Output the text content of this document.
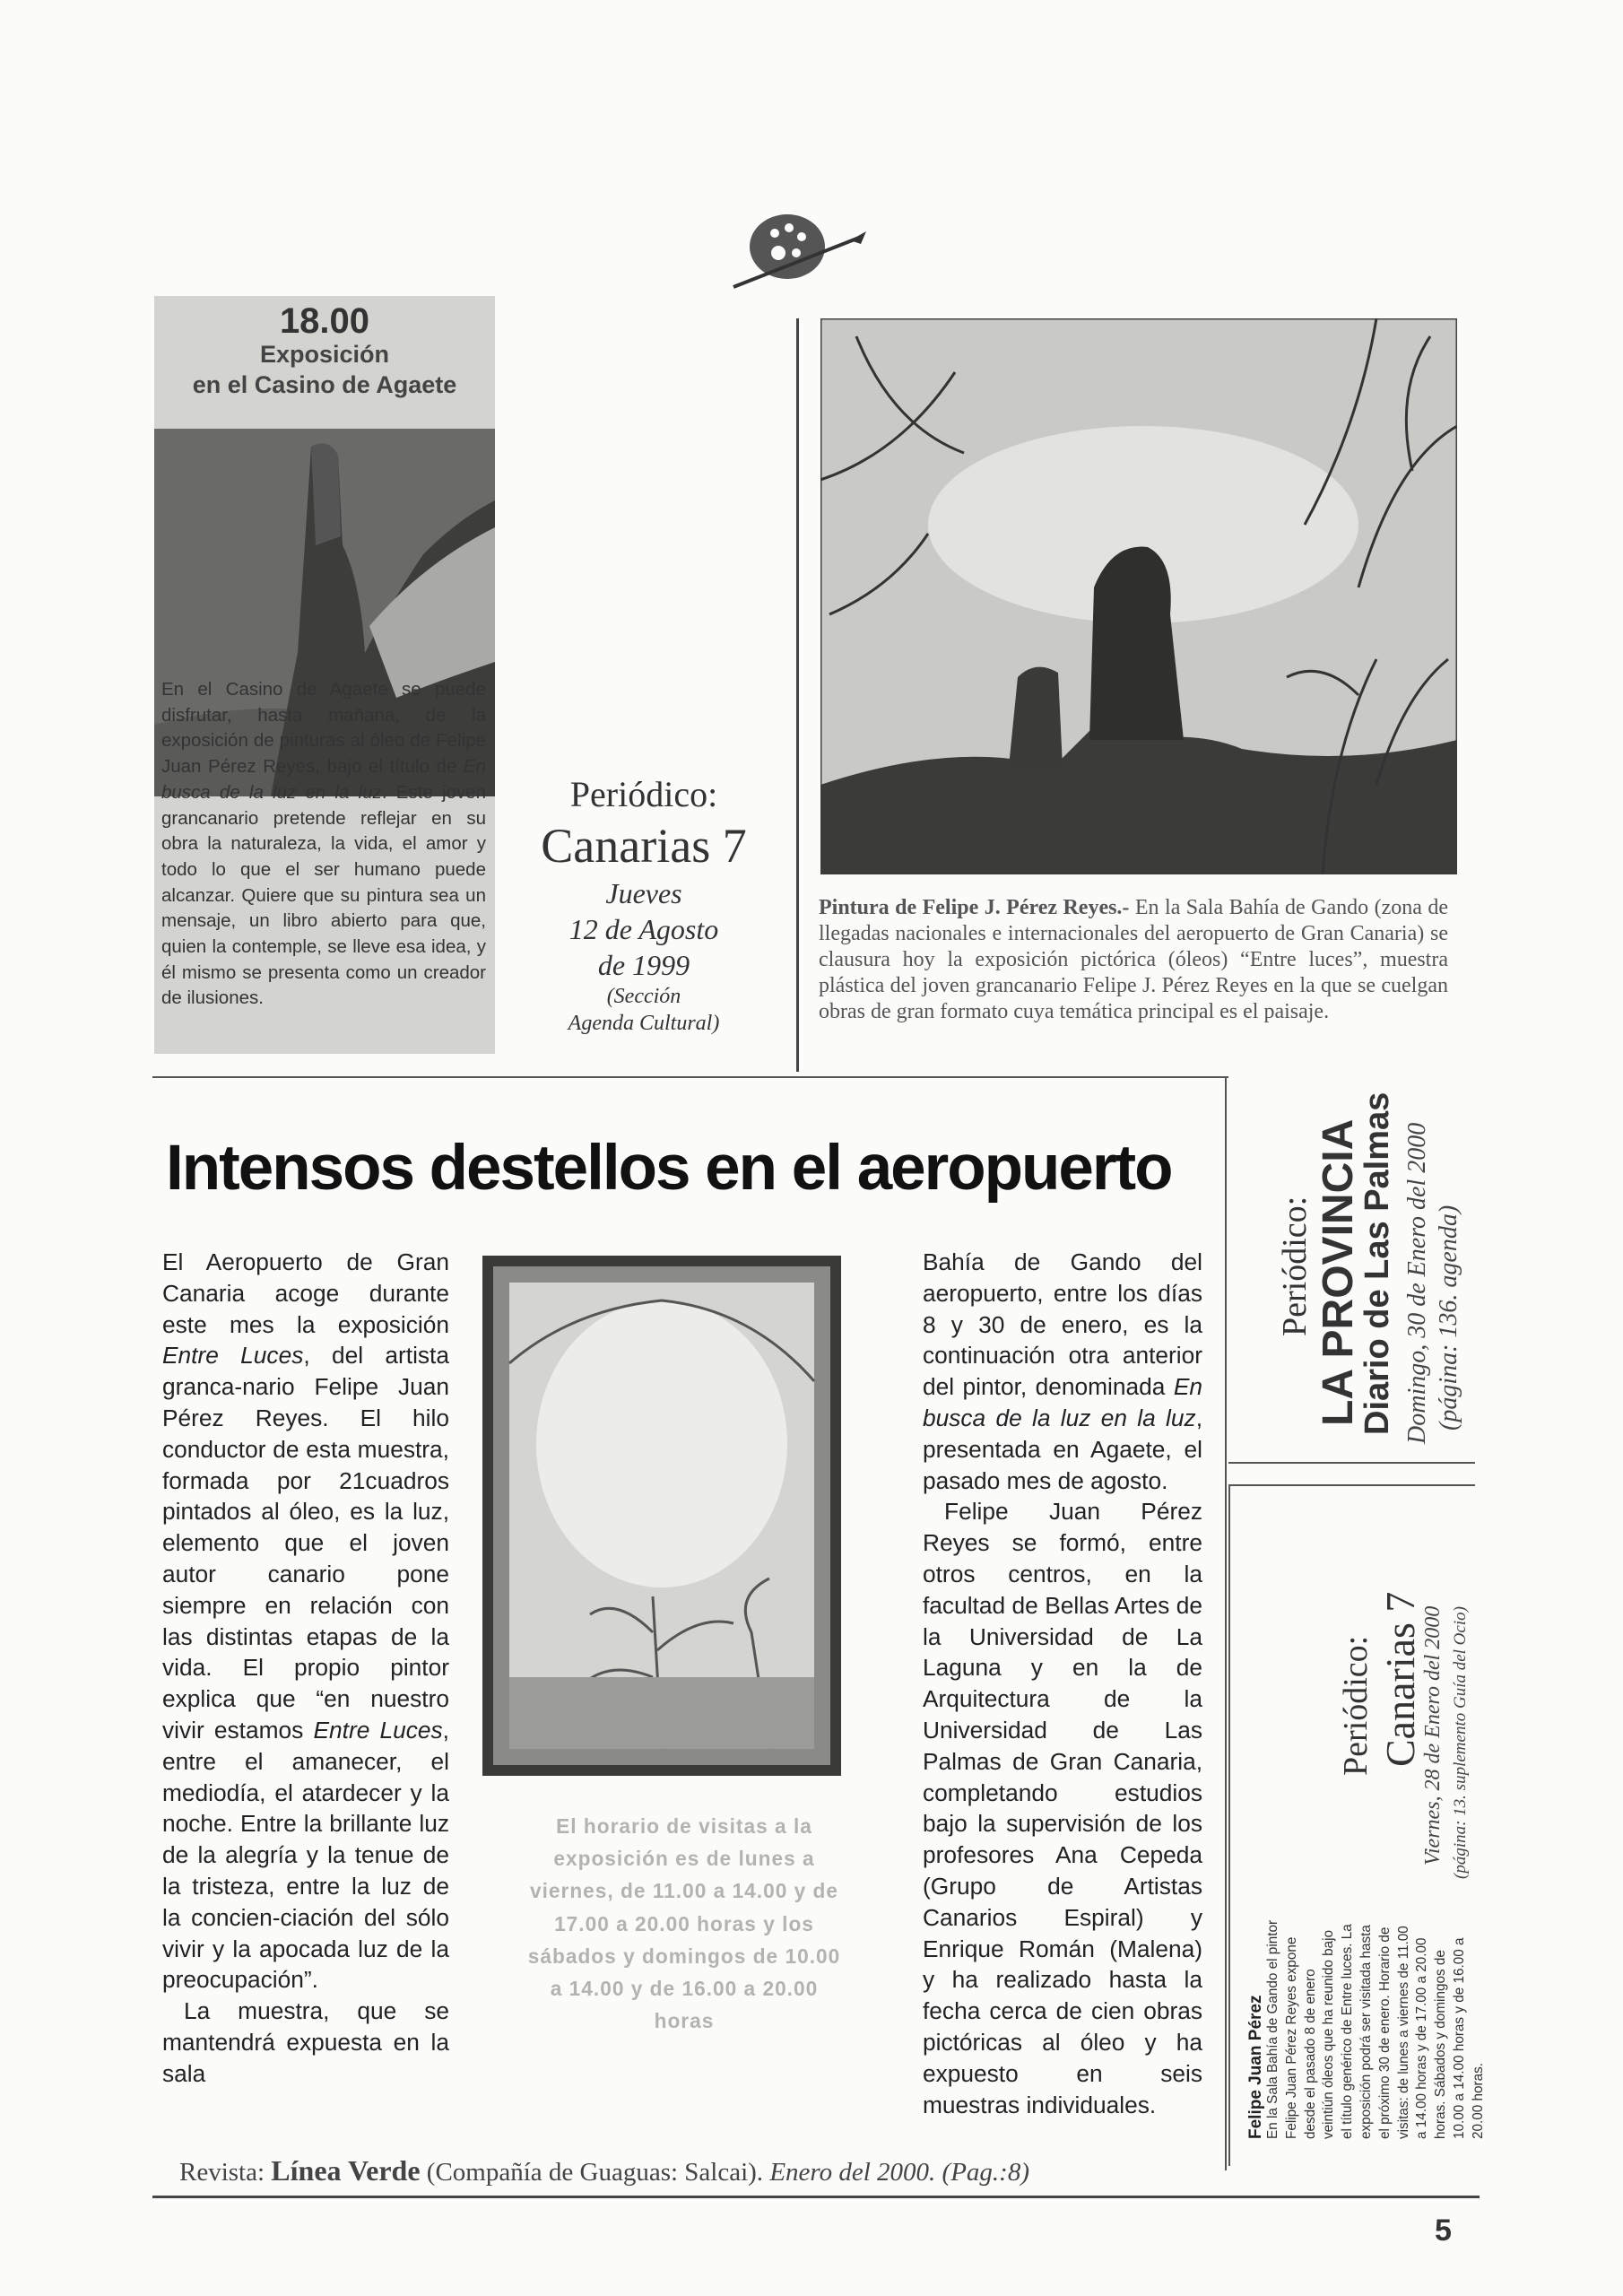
18.00
Exposición
en el Casino de Agaete
En el Casino de Agaete se puede disfrutar, hasta mañana, de la exposición de pinturas al óleo de Felipe Juan Pérez Reyes, bajo el título de En busca de la luz en la luz. Este joven grancanario pretende reflejar en su obra la naturaleza, la vida, el amor y todo lo que el ser humano puede alcanzar. Quiere que su pintura sea un mensaje, un libro abierto para que, quien la contemple, se lleve esa idea, y él mismo se presenta como un creador de ilusiones.
Periódico:
Canarias 7
Jueves
12 de Agosto
de 1999
(Sección
Agenda Cultural)
Pintura de Felipe J. Pérez Reyes.- En la Sala Bahía de Gando (zona de llegadas nacionales e internacionales del aeropuerto de Gran Canaria) se clausura hoy la exposición pictórica (óleos) “Entre luces”, muestra plástica del joven grancanario Felipe J. Pérez Reyes en la que se cuelgan obras de gran formato cuya temática principal es el paisaje.
Intensos destellos en el aeropuerto
El Aeropuerto de Gran Canaria acoge durante este mes la exposición Entre Luces, del artista granca-nario Felipe Juan Pérez Reyes. El hilo conductor de esta muestra, formada por 21cuadros pintados al óleo, es la luz, elemento que el joven autor canario pone siempre en relación con las distintas etapas de la vida. El propio pintor explica que “en nuestro vivir estamos Entre Luces, entre el amanecer, el mediodía, el atardecer y la noche. Entre la brillante luz de la alegría y la tenue de la tristeza, entre la luz de la concien-ciación del sólo vivir y la apocada luz de la preocupación”.

La muestra, que se mantendrá expuesta en la sala

El horario de visitas a la exposición es de lunes a viernes, de 11.00 a 14.00 y de 17.00 a 20.00 horas y los sábados y domingos de 10.00 a 14.00 y de 16.00 a 20.00 horas
Bahía de Gando del aeropuerto, entre los días 8 y 30 de enero, es la continuación otra anterior del pintor, denominada En busca de la luz en la luz, presentada en Agaete, el pasado mes de agosto.

Felipe Juan Pérez Reyes se formó, entre otros centros, en la facultad de Bellas Artes de la Universidad de La Laguna y en la de Arquitectura de la Universidad de Las Palmas de Gran Canaria, completando estudios bajo la supervisión de los profesores Ana Cepeda (Grupo de Artistas Canarios Espiral) y Enrique Román (Malena) y ha realizado hasta la fecha cerca de cien obras pictóricas al óleo y ha expuesto en seis muestras individuales.

Revista: Línea Verde (Compañía de Guaguas: Salcai). Enero del 2000. (Pag.:8)
Periódico: LA PROVINCIA
Diario de Las Palmas Domingo, 30 de Enero del 2000 (página: 136. agenda)
Periódico: Canarias 7
Viernes, 28 de Enero del 2000 (página: 13. suplemento Guía del Ocio)
Felipe Juan Pérez En la Sala Bahía de Gando el pintor Felipe Juan Pérez Reyes expone desde el pasado 8 de enero veintiún óleos que ha reunido bajo el título genérico de Entre luces. La exposición podrá ser visitada hasta el próximo 30 de enero. Horario de visitas: de lunes a viernes de 11.00 a 14.00 horas y de 17.00 a 20.00 horas. Sábados y domingos de 10.00 a 14.00 horas y de 16.00 a 20.00 horas.
5
